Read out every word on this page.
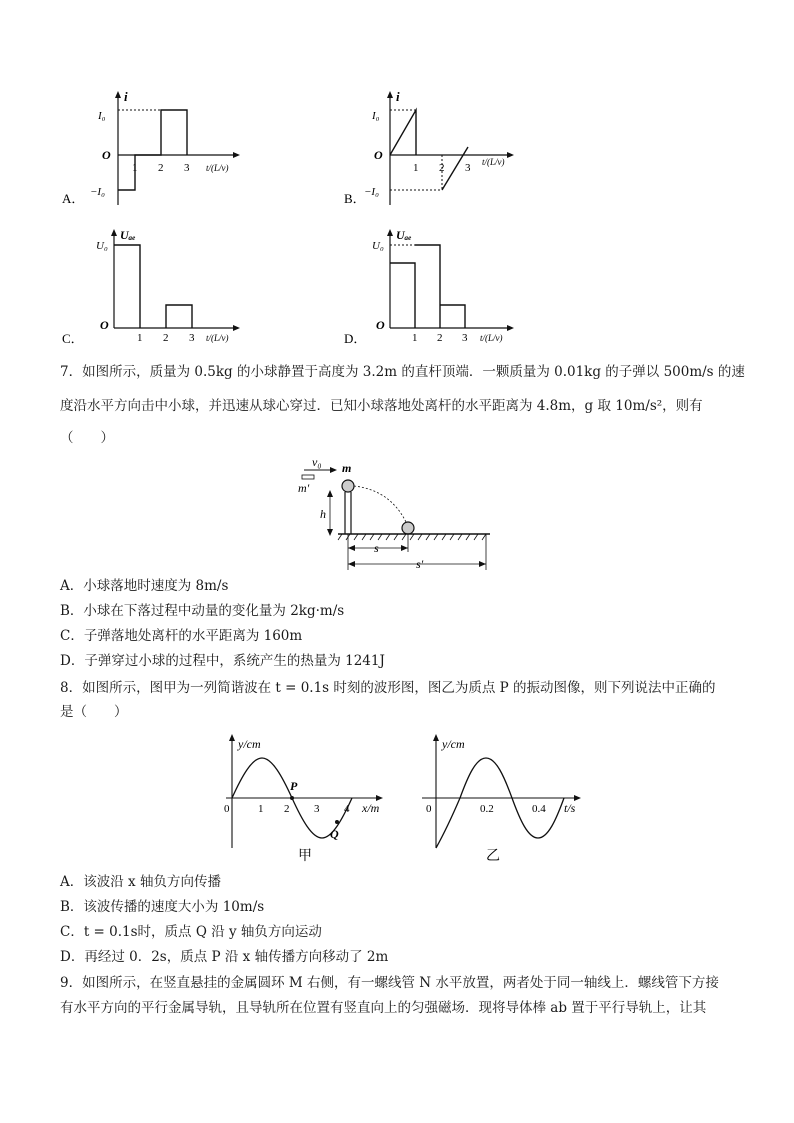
A．
i
I₀
−I₀
O
1 2 3 t/(L/v)
B．
i
I₀
−I₀
O
1 2 3 t/(L/v)
C．
Uₐₑ
U₀
O
1 2 3 t/(L/v)	D．
Uₐₑ
U₀
O
1 2 3 t/(L/v)
7．如图所示，质量为 0.5kg 的小球静置于高度为 3.2m 的直杆顶端．一颗质量为 0.01kg 的子弹以 500m/s 的速
度沿水平方向击中小球，并迅速从球心穿过．已知小球落地处离杆的水平距离为 4.8m，g 取 10m/s²，则有
（　　）
v₀
m′
m
h
s
s′
A．小球落地时速度为 8m/s
B．小球在下落过程中动量的变化量为 2kg·m/s
C．子弹落地处离杆的水平距离为 160m
D．子弹穿过小球的过程中，系统产生的热量为 1241J
8．如图所示，图甲为一列简谐波在 t = 0.1s 时刻的波形图，图乙为质点 P 的振动图像，则下列说法中正确的
是（　　）
y/cm
0	1 2 3 4 x/m
P
Q
甲
y/cm
0	0.2	0.4 t/s
乙
A．该波沿 x 轴负方向传播
B．该波传播的速度大小为 10m/s
C．t = 0.1s时，质点 Q 沿 y 轴负方向运动
D．再经过 0．2s，质点 P 沿 x 轴传播方向移动了 2m
9．如图所示，在竖直悬挂的金属圆环 M 右侧，有一螺线管 N 水平放置，两者处于同一轴线上．螺线管下方接
有水平方向的平行金属导轨，且导轨所在位置有竖直向上的匀强磁场．现将导体棒 ab 置于平行导轨上，让其
